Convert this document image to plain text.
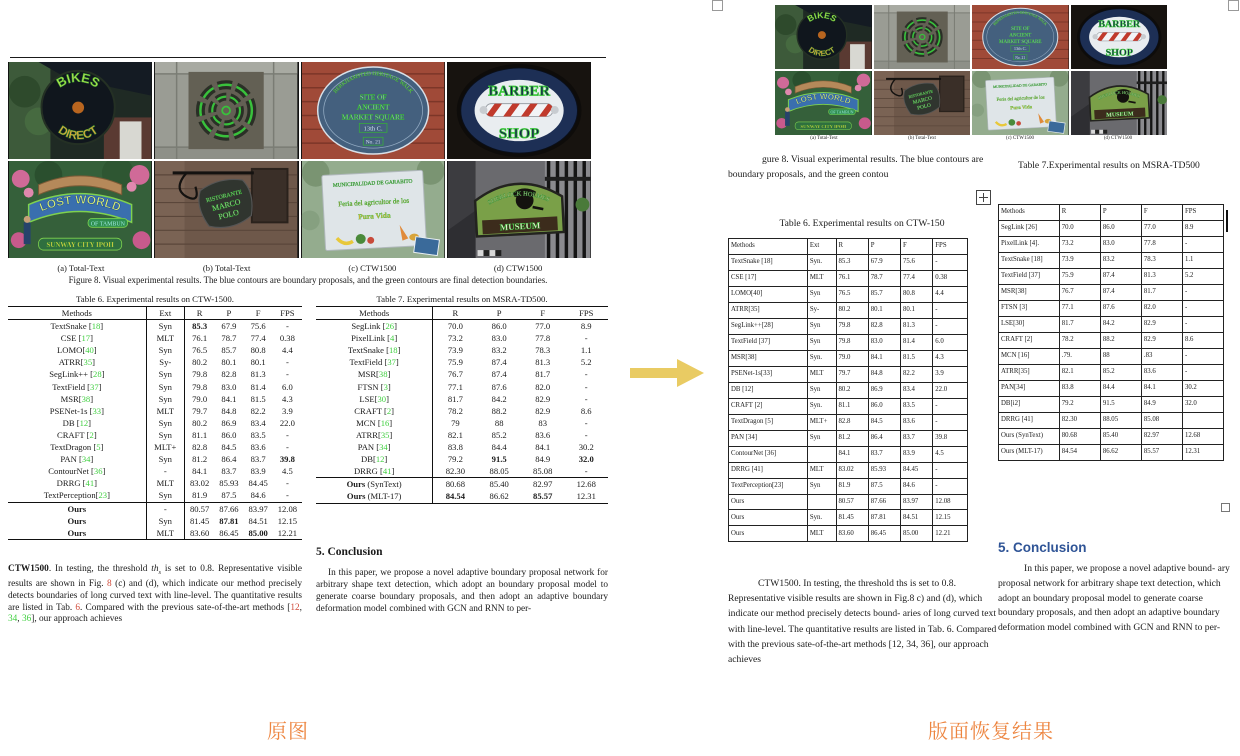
(a) Total-Text	(b) Total-Text	(c) CTW1500	(d) CTW1500
Figure 8. Visual experimental results. The blue contours are boundary proposals, and the green contours are final detection boundaries.
Table 6. Experimental results on CTW-1500.
Methods	Ext	R	P	F	FPS
TextSnake [18]	Syn	85.3	67.9	75.6	-
CSE [17]	MLT	76.1	78.7	77.4	0.38
LOMO[40]	Syn	76.5	85.7	80.8	4.4
ATRR[35]	Sy-	80.2	80.1	80.1	-
SegLink++ [28]	Syn	79.8	82.8	81.3	-
TextField [37]	Syn	79.8	83.0	81.4	6.0
MSR[38]	Syn	79.0	84.1	81.5	4.3
PSENet-1s [33]	MLT	79.7	84.8	82.2	3.9
DB [12]	Syn	80.2	86.9	83.4	22.0
CRAFT [2]	Syn	81.1	86.0	83.5	-
TextDragon [5]	MLT+	82.8	84.5	83.6	-
PAN [34]	Syn	81.2	86.4	83.7	39.8
ContourNet [36]	-	84.1	83.7	83.9	4.5
DRRG [41]	MLT	83.02	85.93	84.45	-
TextPerception[23]	Syn	81.9	87.5	84.6	-
Ours	-	80.57	87.66	83.97	12.08
Ours	Syn	81.45	87.81	84.51	12.15
Ours	MLT	83.60	86.45	85.00	12.21
Table 7. Experimental results on MSRA-TD500.
Methods	R	P	F	FPS
SegLink [26]	70.0	86.0	77.0	8.9
PixelLink [4]	73.2	83.0	77.8	-
TextSnake [18]	73.9	83.2	78.3	1.1
TextField [37]	75.9	87.4	81.3	5.2
MSR[38]	76.7	87.4	81.7	-
FTSN [3]	77.1	87.6	82.0	-
LSE[30]	81.7	84.2	82.9	-
CRAFT [2]	78.2	88.2	82.9	8.6
MCN [16]	79	88	83	-
ATRR[35]	82.1	85.2	83.6	-
PAN [34]	83.8	84.4	84.1	30.2
DB[12]	79.2	91.5	84.9	32.0
DRRG [41]	82.30	88.05	85.08	-
Ours (SynText)	80.68	85.40	82.97	12.68
Ours (MLT-17)	84.54	86.62	85.57	12.31
CTW1500. In testing, the threshold $th_s$ is set to 0.8. Representative visible results are shown in Fig. 8 (c) and (d), which indicate our method precisely detects boundaries of long curved text with line-level. The quantitative results are listed in Tab. 6. Compared with the previous sate-of-the-art methods [12, 34, 36], our approach achieves
5. Conclusion
In this paper, we propose a novel adaptive boundary proposal network for arbitrary shape text detection, which adopt an boundary proposal model to generate coarse boundary proposals, and then adopt an adaptive boundary deformation model combined with GCN and RNN to per-
(a) Total-Text	(b) Total-Text	(c) CTW1500	(d) CTW1500
gure 8. Visual experimental results. The blue contours are boundary proposals, and the green contou
Table 6. Experimental results on CTW-150
Methods	Ext	R	P	F	FPS
TextSnake [18]	Syn.	85.3	67.9	75.6	-
CSE [17]	MLT	76.1	78.7	77.4	0.38
LOMO[40]	Syn	76.5	85.7	80.8	4.4
ATRR[35]	Sy-	80.2	80.1	80.1	-
SegLink++[28]	Syn	79.8	82.8	81.3	-
TextField [37]	Syn	79.8	83.0	81.4	6.0
MSR[38]	Syn.	79.0	84.1	81.5	4.3
PSENet-1s[33]	MLT	79.7	84.8	82.2	3.9
DB [12]	Syn	80.2	86.9	83.4	22.0
CRAFT [2]	Syn.	81.1	86.0	83.5	-
TextDragon [5]	MLT+	82.8	84.5	83.6	-
PAN [34]	Syn	81.2	86.4	83.7	39.8
ContourNet [36]		84.1	83.7	83.9	4.5
DRRG [41]	MLT	83.02	85.93	84.45	-
TextPerception[23]	Syn	81.9	87.5	84.6	-
Ours		80.57	87.66	83.97	12.08
Ours	Syn.	81.45	87.81	84.51	12.15
Ours	MLT	83.60	86.45	85.00	12.21
Table 7.Experimental results on MSRA-TD500
Methods	R	P	F	FPS
SegLink [26]	70.0	86.0	77.0	8.9
PixelLink [4].	73.2	83.0	77.8	-
TextSnake [18]	73.9	83.2	78.3	1.1
TextField [37]	75.9	87.4	81.3	5.2
MSR[38]	76.7	87.4	81.7	-
FTSN [3]	77.1	87.6	82.0	-
LSE[30]	81.7	84.2	82.9	-
CRAFT [2]	78.2	88.2	82.9	8.6
MCN [16]	.79.	88	.83	-
ATRR[35]	82.1	85.2	83.6	-
PAN[34]	83.8	84.4	84.1	30.2
DB[i2]	79.2	91.5	84.9	32.0
DRRG [41]	82.30	88.05	85.08	
Ours (SynText)	80.68	85.40	82.97	12.68
Ours (MLT-17)	84.54	86.62	85.57	12.31
CTW1500. In testing, the threshold ths is set to 0.8. Representative visible results are shown in Fig.8 c) and (d), which indicate our method precisely detects bound- aries of long curved text with line-level. The quantitative results are listed in Tab. 6. Compared with the previous sate-of-the-art methods [12, 34, 36], our approach achieves
5. Conclusion
In this paper, we propose a novel adaptive bound- ary proposal network for arbitrary shape text detection, which adopt an boundary proposal model to generate coarse boundary proposals, and then adopt an adaptive boundary deformation model combined with GCN and RNN to per-
原图	版面恢复结果
